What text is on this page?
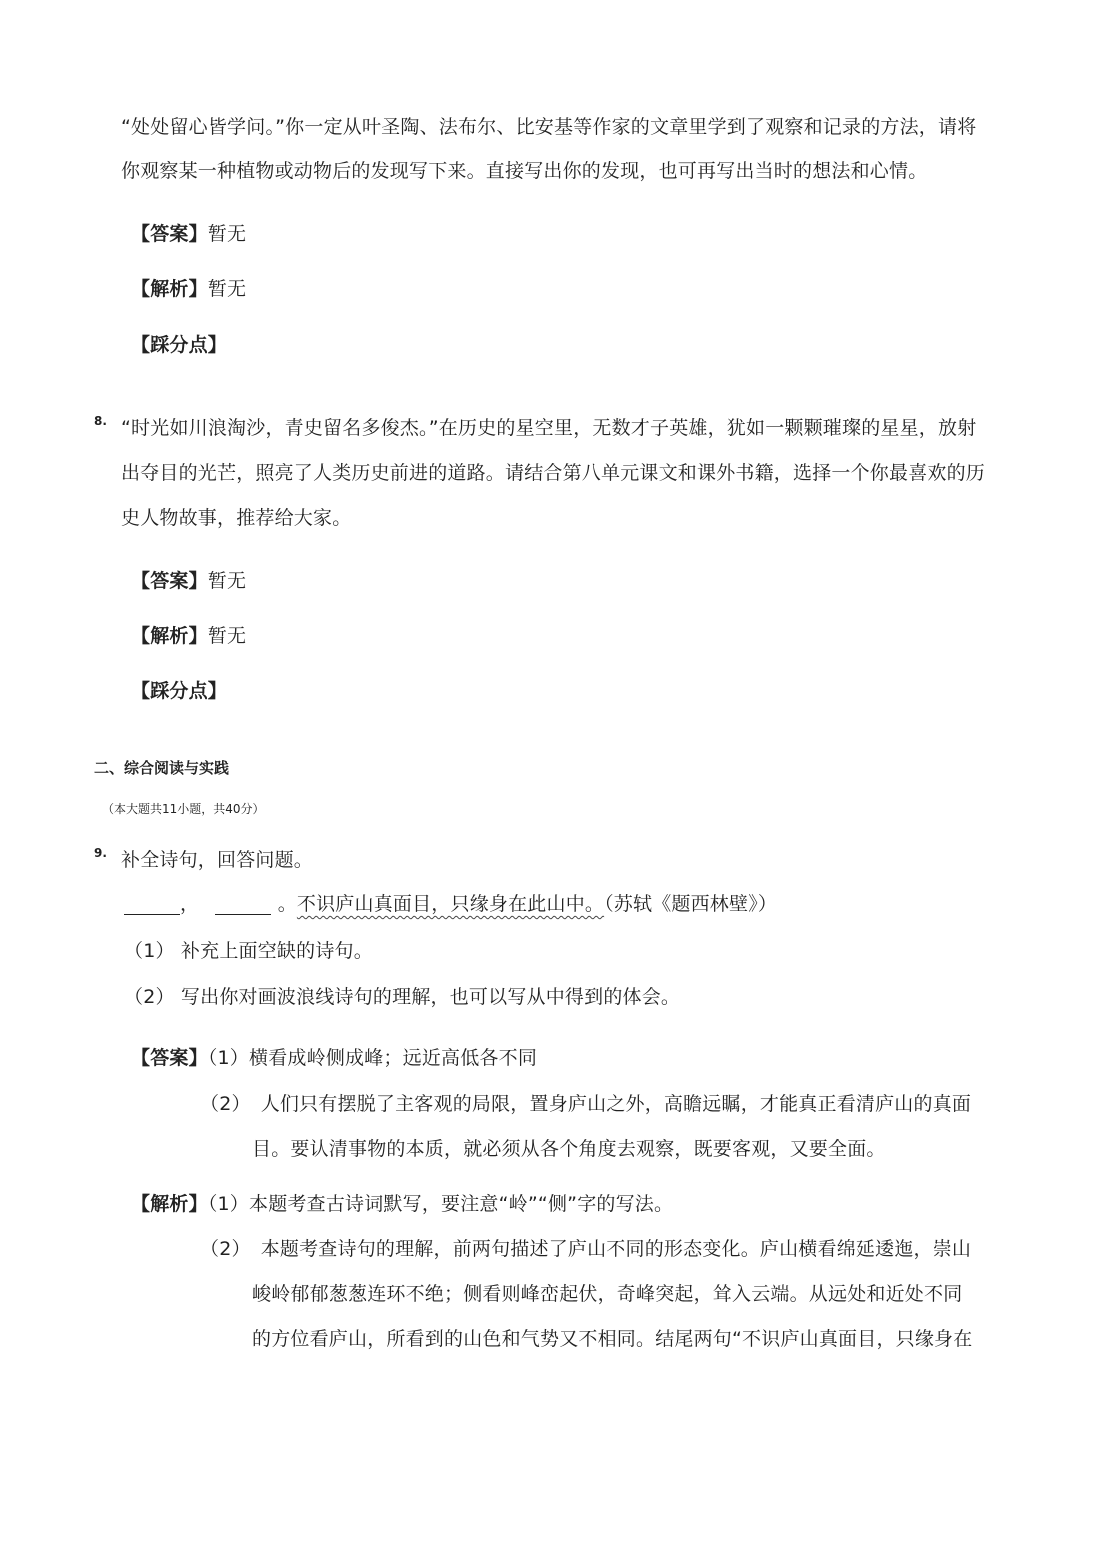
“处处留心皆学问。”你一定从叶圣陶、法布尔、比安基等作家的文章里学到了观察和记录的方法，请将
你观察某一种植物或动物后的发现写下来。直接写出你的发现，也可再写出当时的想法和心情。
【答案】暂无
【解析】暂无
【踩分点】
8. “时光如川浪淘沙，青史留名多俊杰。”在历史的星空里，无数才子英雄，犹如一颗颗璀璨的星星，放射
出夺目的光芒，照亮了人类历史前进的道路。请结合第八单元课文和课外书籍，选择一个你最喜欢的历
史人物故事，推荐给大家。
【答案】暂无
【解析】暂无
【踩分点】
二、综合阅读与实践
（本大题共11小题，共40分）
9. 补全诗句，回答问题。
，	。不识庐山真面目，只缘身在此山中。（苏轼《题西林壁》）
（1） 补充上面空缺的诗句。
（2） 写出你对画波浪线诗句的理解，也可以写从中得到的体会。
【答案】（1）横看成岭侧成峰；远近高低各不同
（2） 人们只有摆脱了主客观的局限，置身庐山之外，高瞻远瞩，才能真正看清庐山的真面
目。要认清事物的本质，就必须从各个角度去观察，既要客观，又要全面。
【解析】（1）本题考查古诗词默写，要注意“岭”“侧”字的写法。
（2） 本题考查诗句的理解，前两句描述了庐山不同的形态变化。庐山横看绵延逶迤，崇山
峻岭郁郁葱葱连环不绝；侧看则峰峦起伏，奇峰突起，耸入云端。从远处和近处不同
的方位看庐山，所看到的山色和气势又不相同。结尾两句“不识庐山真面目，只缘身在
